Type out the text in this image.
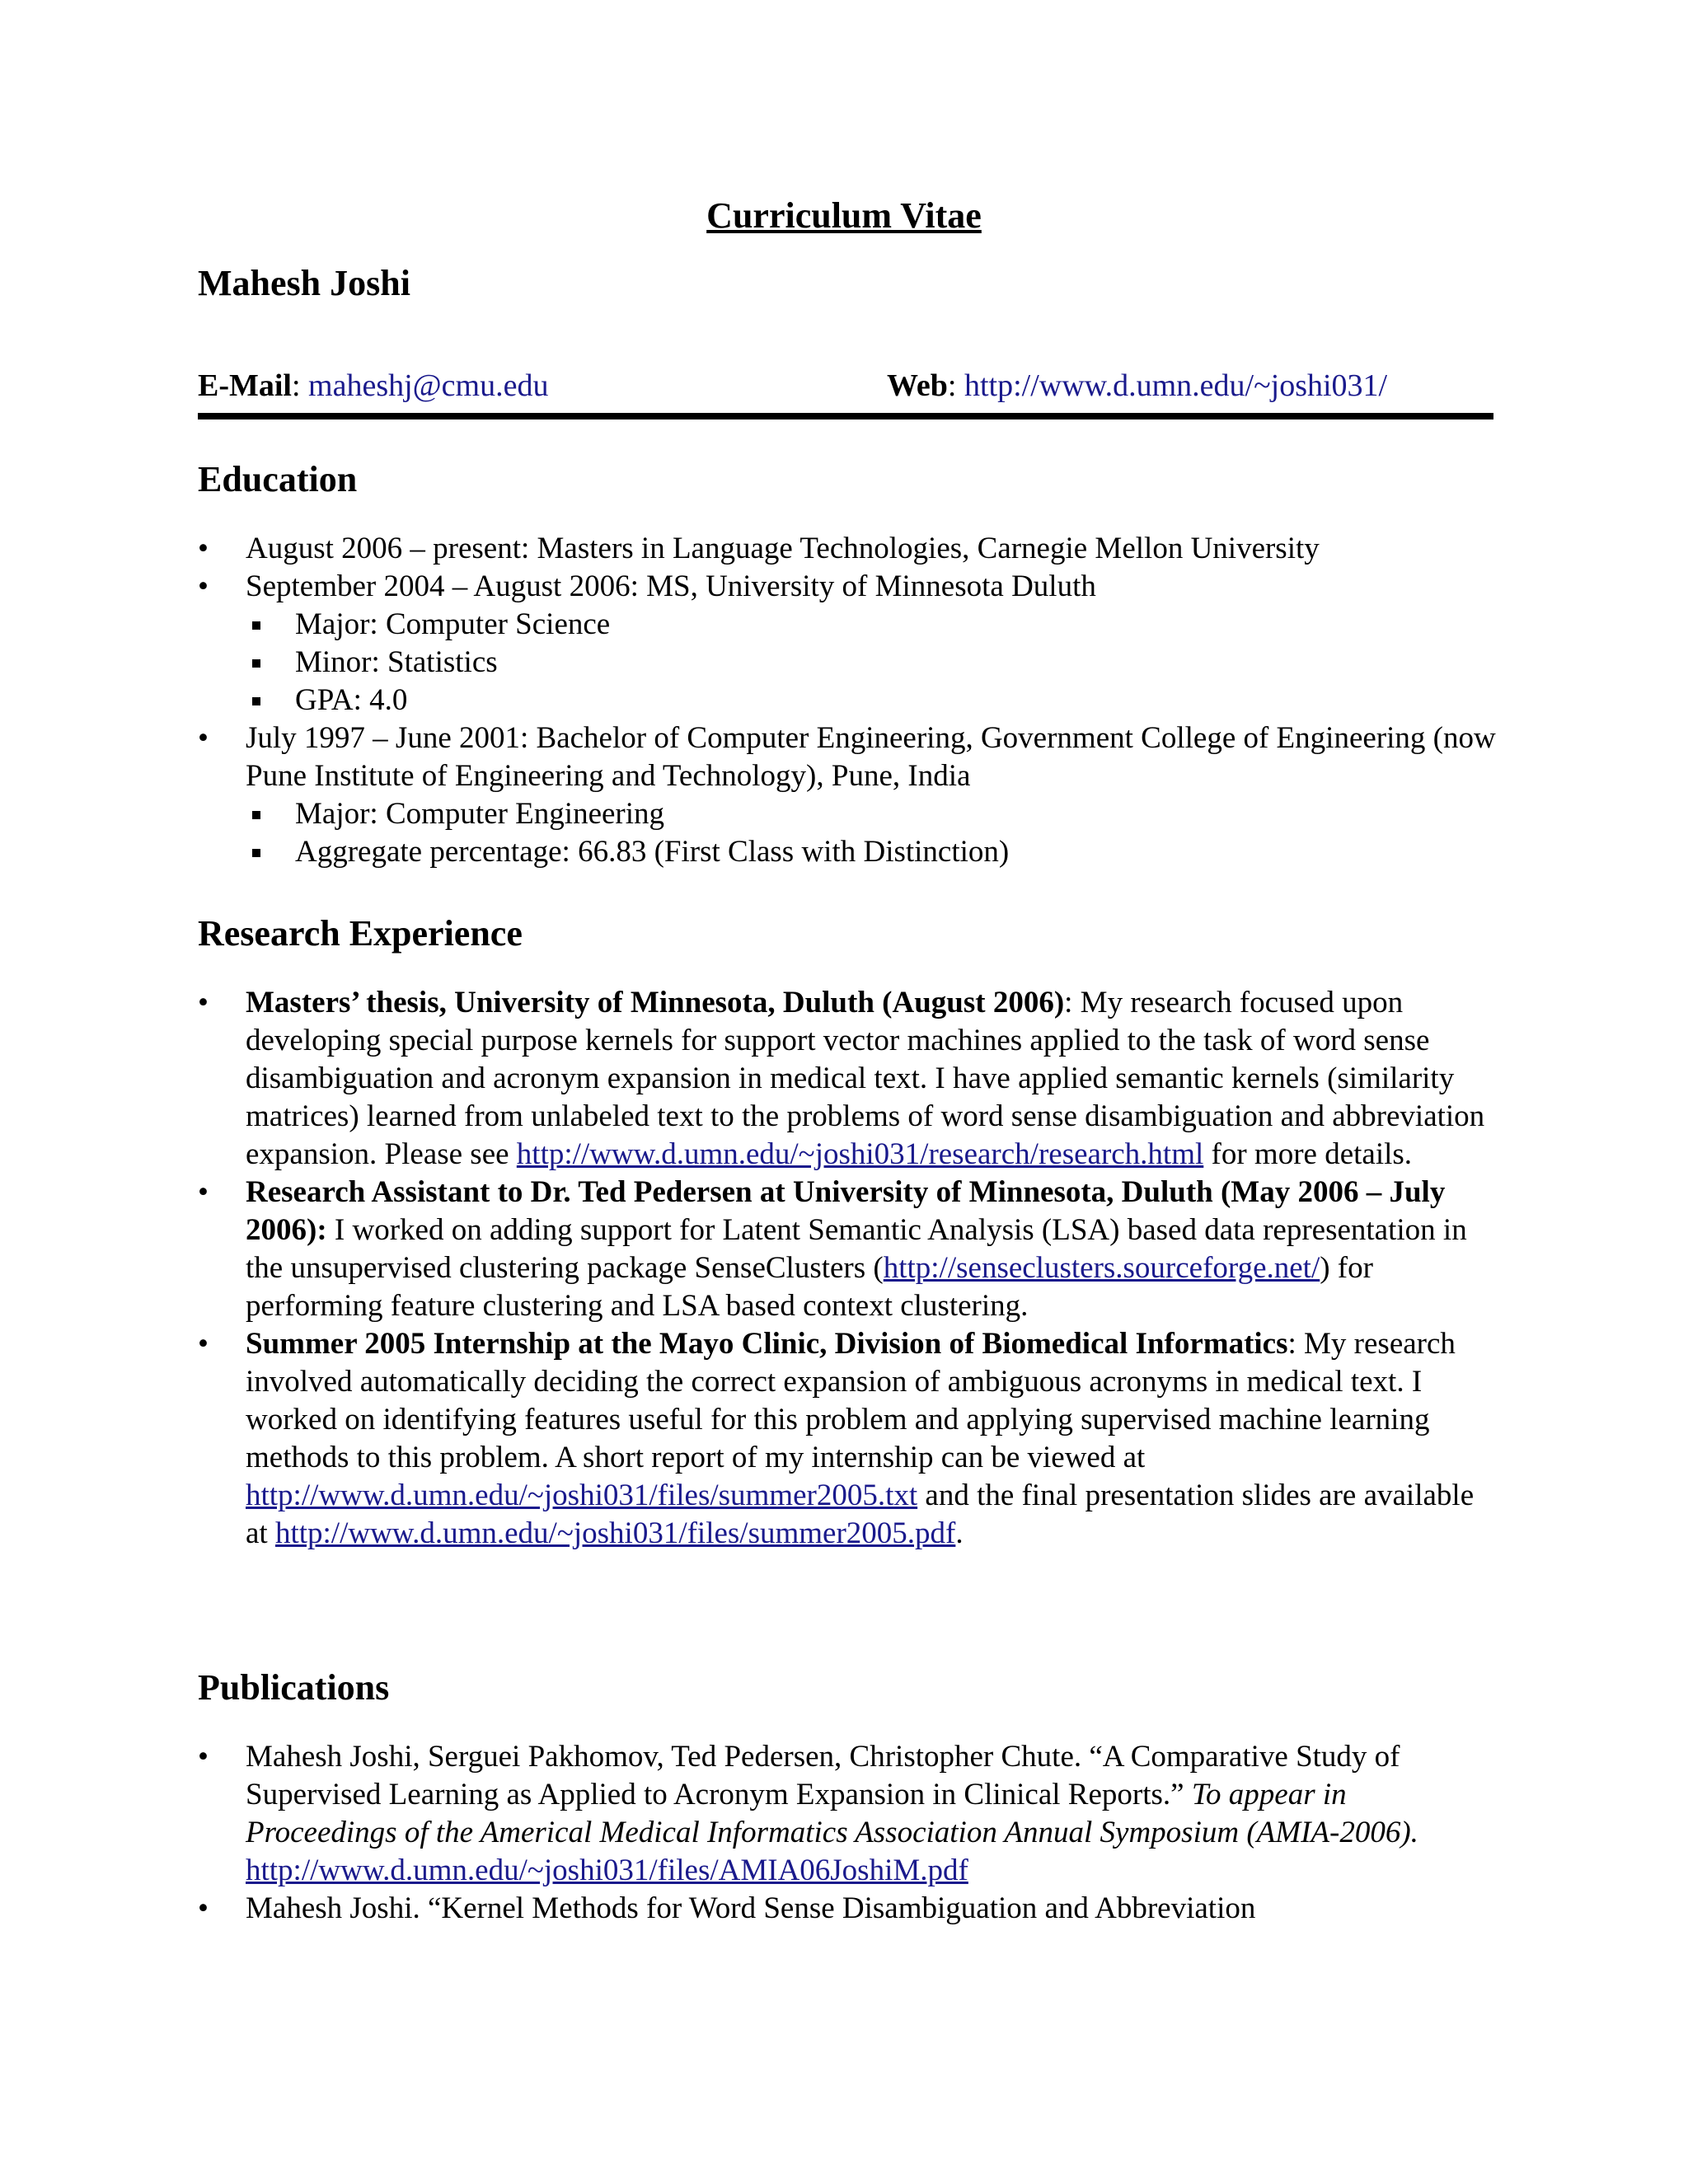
Curriculum Vitae
Mahesh Joshi
E-Mail: maheshj@cmu.edu	Web: http://www.d.umn.edu/~joshi031/
Education
• August 2006 – present: Masters in Language Technologies, Carnegie Mellon University
• September 2004 – August 2006: MS, University of Minnesota Duluth
Major: Computer Science
Minor: Statistics
GPA: 4.0
• July 1997 – June 2001: Bachelor of Computer Engineering, Government College of Engineering (now Pune Institute of Engineering and Technology), Pune, India
Major: Computer Engineering
Aggregate percentage: 66.83 (First Class with Distinction)
Research Experience
• Masters’ thesis, University of Minnesota, Duluth (August 2006): My research focused upon developing special purpose kernels for support vector machines applied to the task of word sense disambiguation and acronym expansion in medical text. I have applied semantic kernels (similarity matrices) learned from unlabeled text to the problems of word sense disambiguation and abbreviation expansion. Please see http://www.d.umn.edu/~joshi031/research/research.html for more details.
• Research Assistant to Dr. Ted Pedersen at University of Minnesota, Duluth (May 2006 – July 2006): I worked on adding support for Latent Semantic Analysis (LSA) based data representation in the unsupervised clustering package SenseClusters (http://senseclusters.sourceforge.net/) for performing feature clustering and LSA based context clustering.
• Summer 2005 Internship at the Mayo Clinic, Division of Biomedical Informatics: My research involved automatically deciding the correct expansion of ambiguous acronyms in medical text. I worked on identifying features useful for this problem and applying supervised machine learning methods to this problem. A short report of my internship can be viewed at http://www.d.umn.edu/~joshi031/files/summer2005.txt and the final presentation slides are available at http://www.d.umn.edu/~joshi031/files/summer2005.pdf.
Publications
• Mahesh Joshi, Serguei Pakhomov, Ted Pedersen, Christopher Chute. “A Comparative Study of Supervised Learning as Applied to Acronym Expansion in Clinical Reports.” To appear in Proceedings of the Americal Medical Informatics Association Annual Symposium (AMIA-2006).
http://www.d.umn.edu/~joshi031/files/AMIA06JoshiM.pdf
• Mahesh Joshi. “Kernel Methods for Word Sense Disambiguation and Abbreviation
